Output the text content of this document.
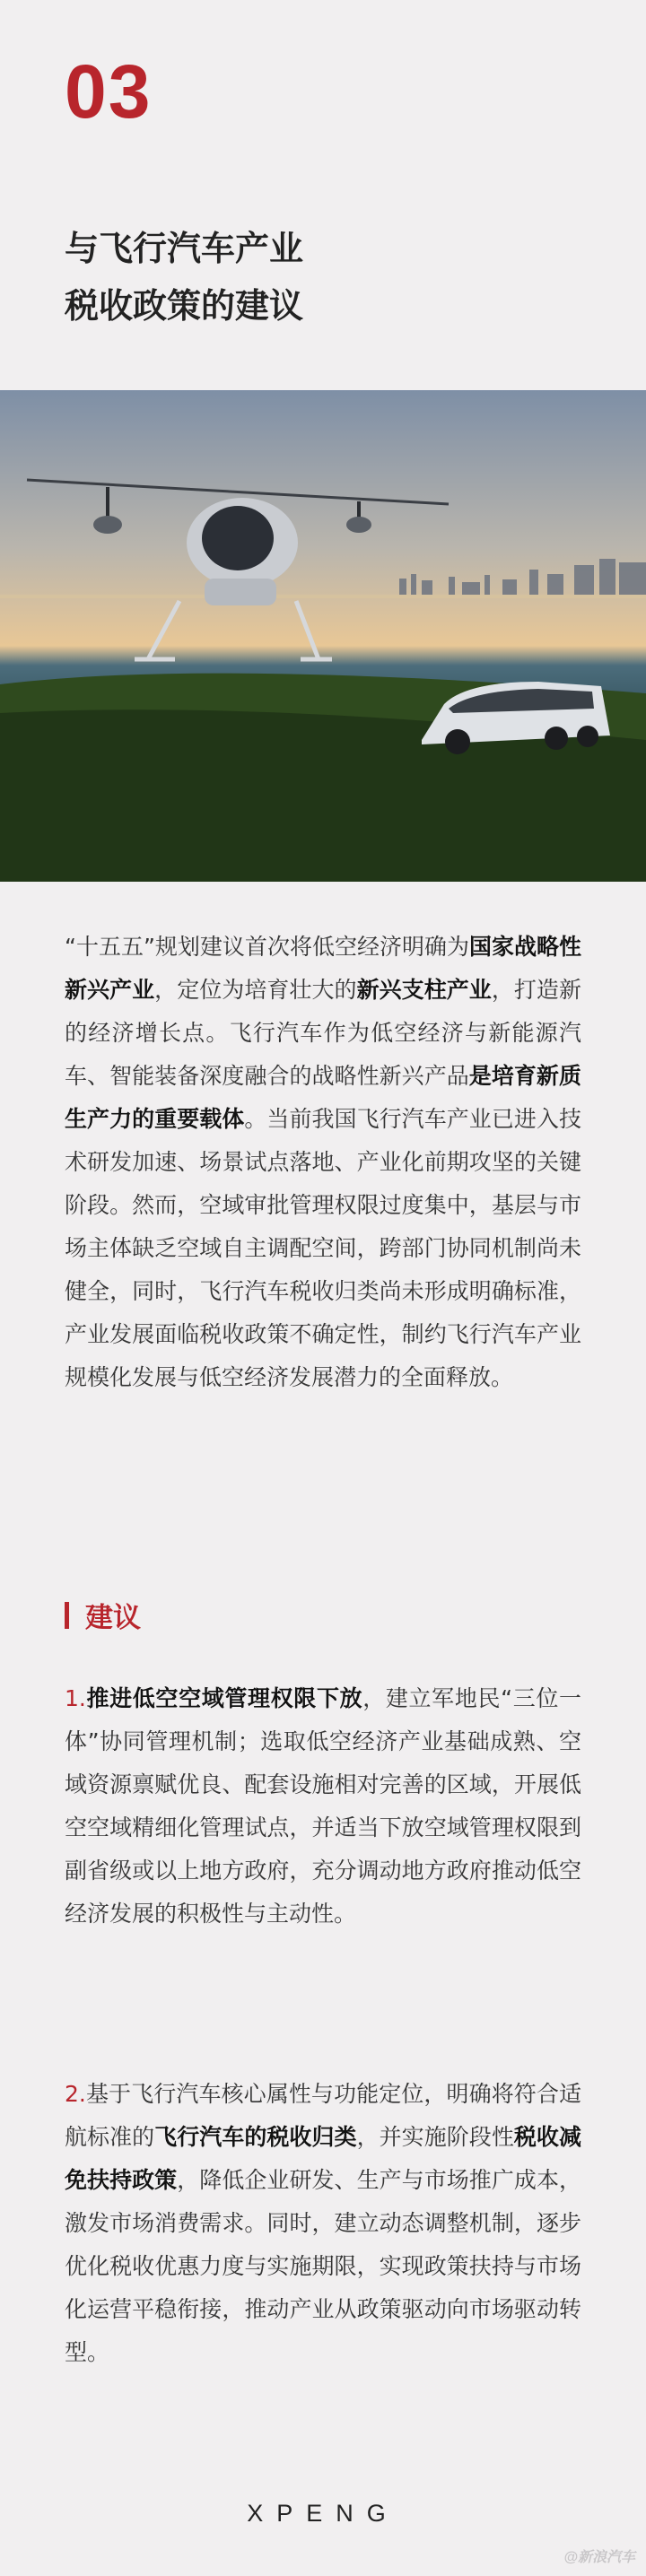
03
与飞行汽车产业
税收政策的建议

“十五五”规划建议首次将低空经济明确为国家战略性新兴产业，定位为培育壮大的新兴支柱产业，打造新的经济增长点。飞行汽车作为低空经济与新能源汽车、智能装备深度融合的战略性新兴产品是培育新质生产力的重要载体。当前我国飞行汽车产业已进入技术研发加速、场景试点落地、产业化前期攻坚的关键阶段。然而，空域审批管理权限过度集中，基层与市场主体缺乏空域自主调配空间，跨部门协同机制尚未健全，同时，飞行汽车税收归类尚未形成明确标准，产业发展面临税收政策不确定性，制约飞行汽车产业规模化发展与低空经济发展潜力的全面释放。

建议

1.推进低空空域管理权限下放，建立军地民“三位一体”协同管理机制；选取低空经济产业基础成熟、空域资源禀赋优良、配套设施相对完善的区域，开展低空空域精细化管理试点，并适当下放空域管理权限到副省级或以上地方政府，充分调动地方政府推动低空经济发展的积极性与主动性。

2.基于飞行汽车核心属性与功能定位，明确将符合适航标准的飞行汽车的税收归类，并实施阶段性税收减免扶持政策，降低企业研发、生产与市场推广成本，激发市场消费需求。同时，建立动态调整机制，逐步优化税收优惠力度与实施期限，实现政策扶持与市场化运营平稳衔接，推动产业从政策驱动向市场驱动转型。

XPENG
@新浪汽车
